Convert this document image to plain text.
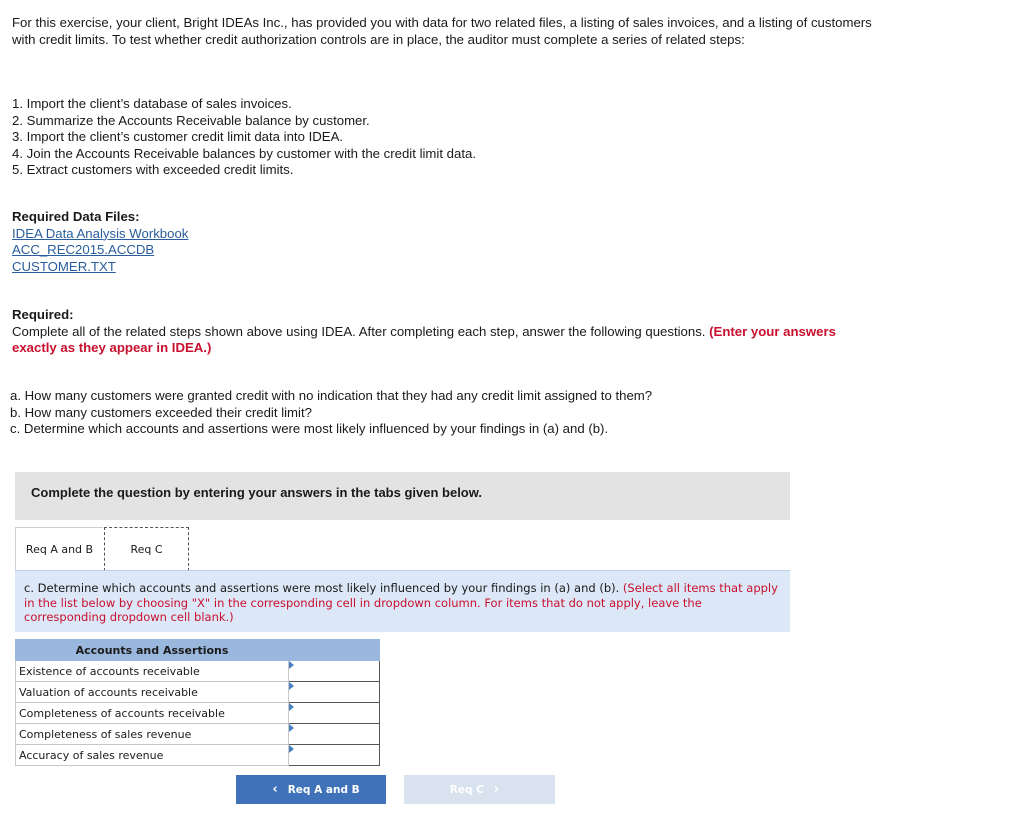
For this exercise, your client, Bright IDEAs Inc., has provided you with data for two related files, a listing of sales invoices, and a listing of customers with credit limits. To test whether credit authorization controls are in place, the auditor must complete a series of related steps:

1. Import the client’s database of sales invoices.
2. Summarize the Accounts Receivable balance by customer.
3. Import the client’s customer credit limit data into IDEA.
4. Join the Accounts Receivable balances by customer with the credit limit data.
5. Extract customers with exceeded credit limits.
Required Data Files:
IDEA Data Analysis Workbook
ACC_REC2015.ACCDB
CUSTOMER.TXT
Required:
Complete all of the related steps shown above using IDEA. After completing each step, answer the following questions. (Enter your answers exactly as they appear in IDEA.)
a. How many customers were granted credit with no indication that they had any credit limit assigned to them?
b. How many customers exceeded their credit limit?
c. Determine which accounts and assertions were most likely influenced by your findings in (a) and (b).
Complete the question by entering your answers in the tabs given below.
Req A and B	Req C
c. Determine which accounts and assertions were most likely influenced by your findings in (a) and (b). (Select all items that apply in the list below by choosing "X" in the corresponding cell in dropdown column. For items that do not apply, leave the corresponding dropdown cell blank.)
Accounts and Assertions	
Existence of accounts receivable	

Valuation of accounts receivable	

Completeness of accounts receivable	

Completeness of sales revenue	

Accuracy of sales revenue	
‹ Req A and B	Req C ›
